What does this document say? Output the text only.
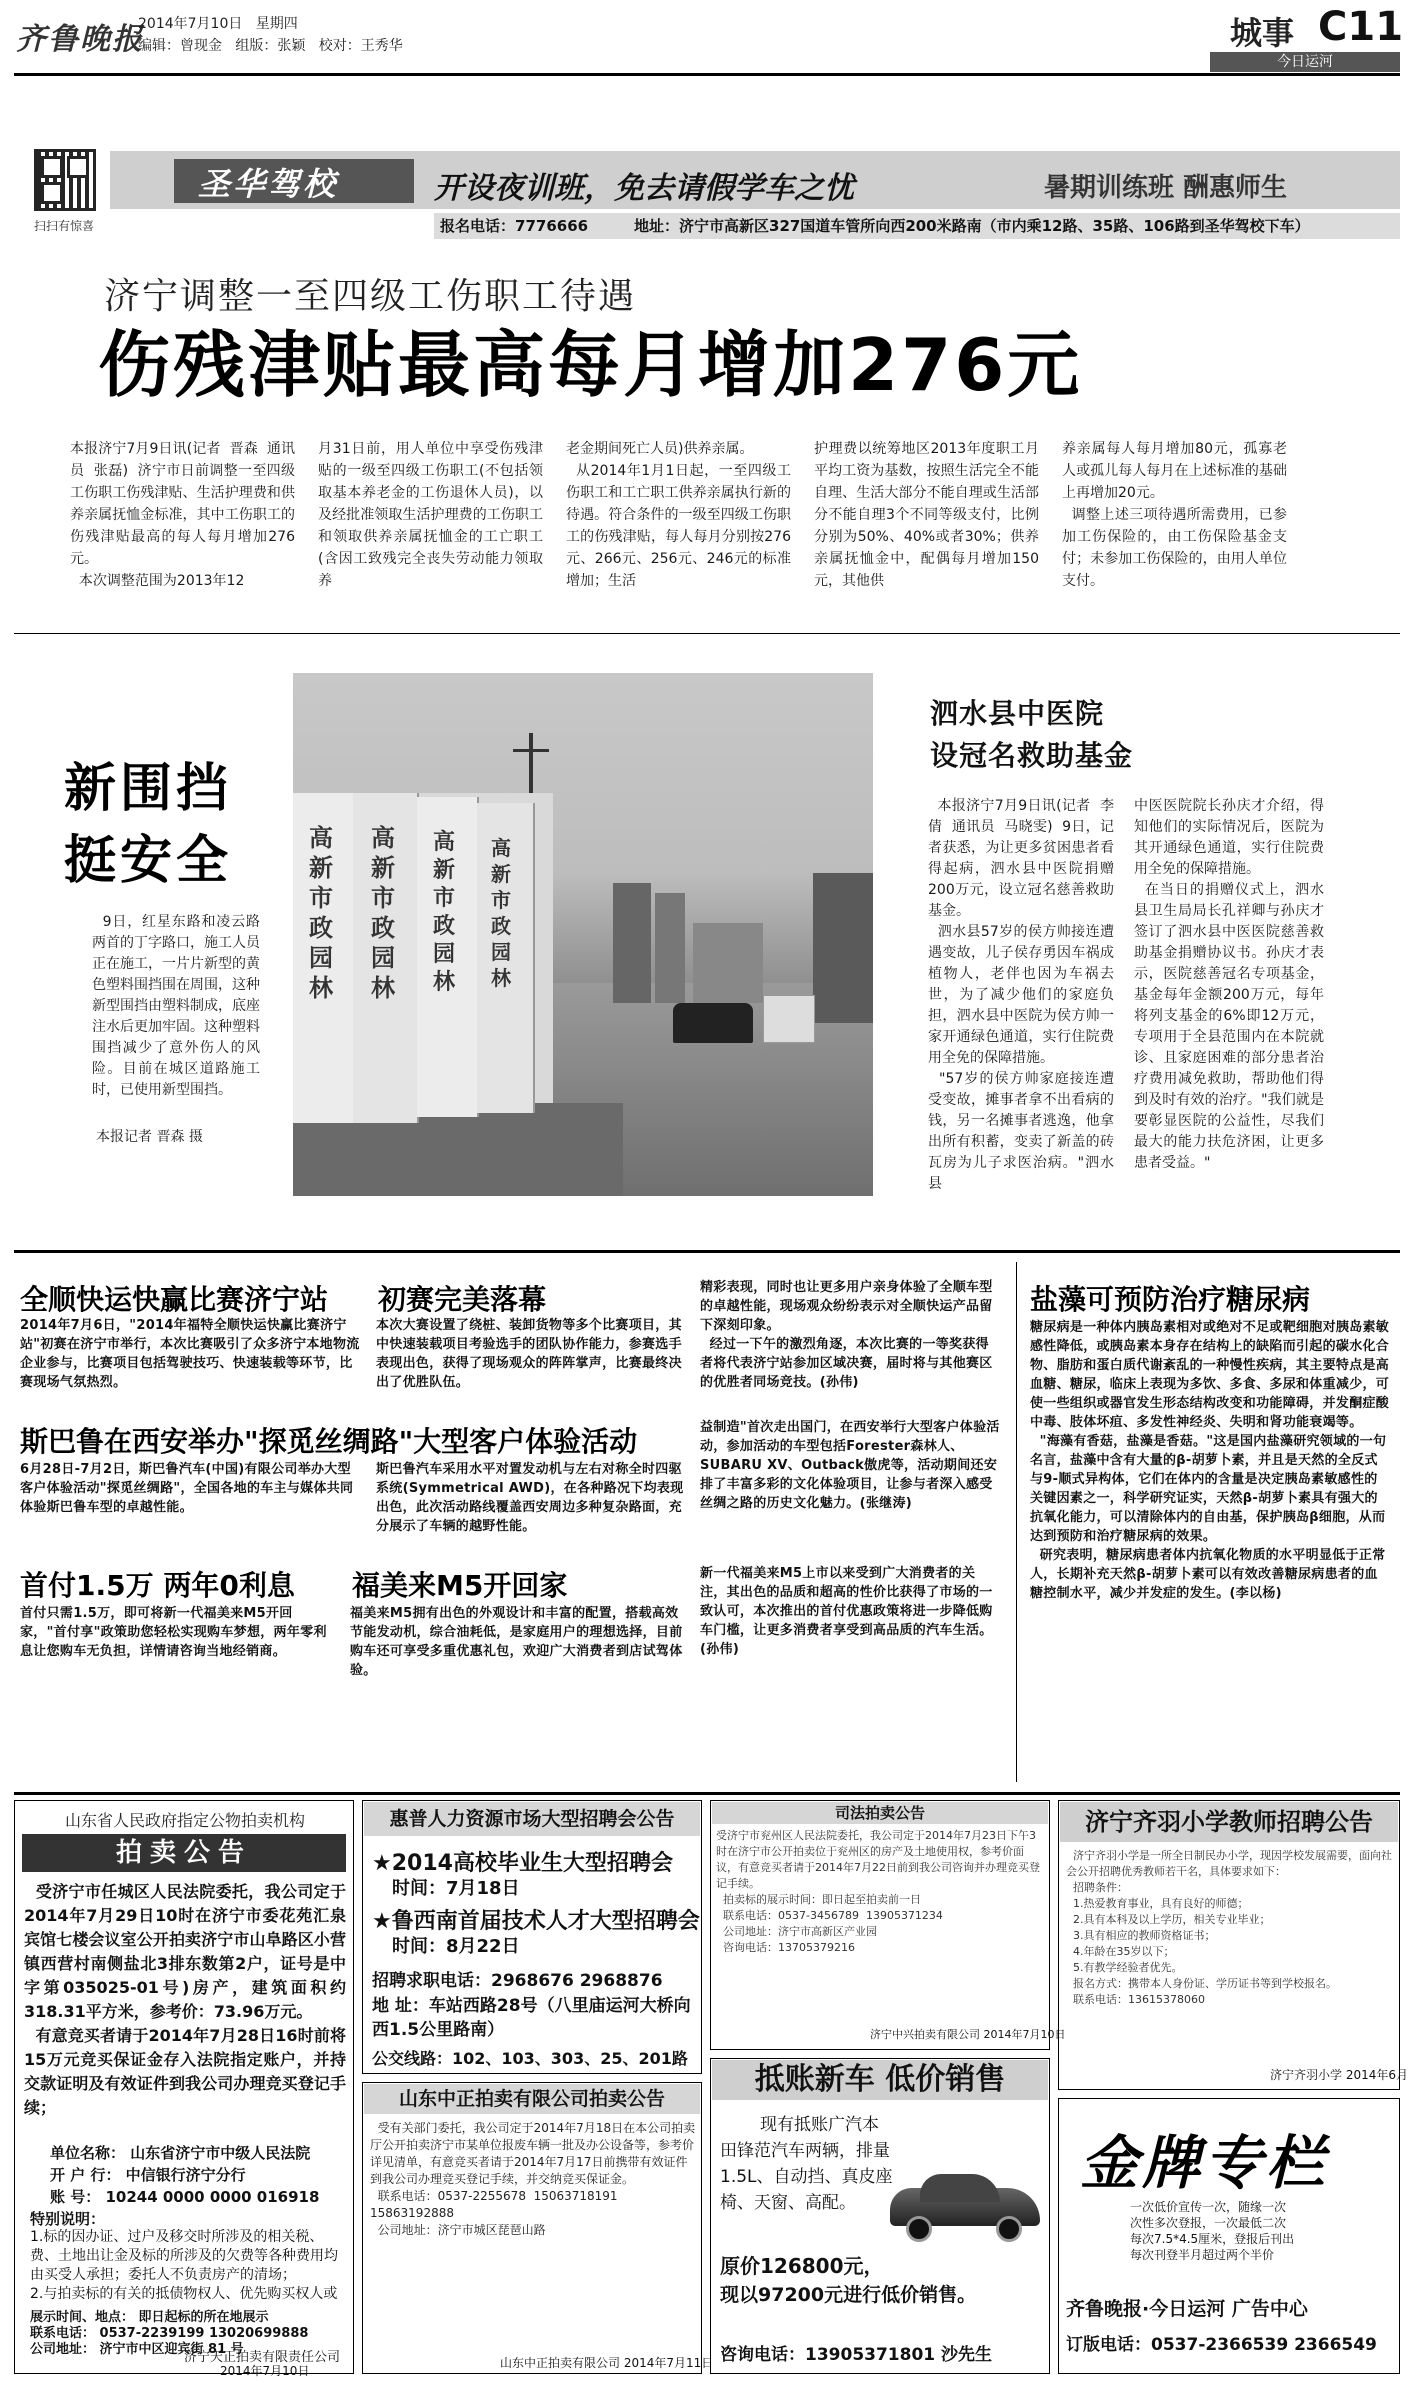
齐鲁晚报
2014年7月10日 星期四
编辑：曾现金 组版：张颖 校对：王秀华	城事 C11
今日运河
扫扫有惊喜
圣华驾校	开设夜训班，免去请假学车之忧	暑期训练班 酬惠师生
报名电话：7776666	地址：济宁市高新区327国道车管所向西200米路南（市内乘12路、35路、106路到圣华驾校下车）
济宁调整一至四级工伤职工待遇
伤残津贴最高每月增加276元
本报济宁7月9日讯(记者  晋森  通讯员  张磊)  济宁市日前调整一至四级工伤职工伤残津贴、生活护理费和供养亲属抚恤金标准，其中工伤职工的伤残津贴最高的每人每月增加276元。
本次调整范围为2013年12
月31日前，用人单位中享受伤残津贴的一级至四级工伤职工(不包括领取基本养老金的工伤退休人员)，以及经批准领取生活护理费的工伤职工和领取供养亲属抚恤金的工亡职工(含因工致残完全丧失劳动能力领取养
老金期间死亡人员)供养亲属。
从2014年1月1日起，一至四级工伤职工和工亡职工供养亲属执行新的待遇。符合条件的一级至四级工伤职工的伤残津贴，每人每月分别按276元、266元、256元、246元的标准增加；生活
护理费以统筹地区2013年度职工月平均工资为基数，按照生活完全不能自理、生活大部分不能自理或生活部分不能自理3个不同等级支付，比例分别为50%、40%或者30%；供养亲属抚恤金中，配偶每月增加150元，其他供
养亲属每人每月增加80元，孤寡老人或孤儿每人每月在上述标准的基础上再增加20元。
调整上述三项待遇所需费用，已参加工伤保险的，由工伤保险基金支付；未参加工伤保险的，由用人单位支付。
新围挡
挺安全
9日，红星东路和凌云路两首的丁字路口，施工人员正在施工，一片片新型的黄色塑料围挡围在周围，这种新型围挡由塑料制成，底座注水后更加牢固。这种塑料围挡减少了意外伤人的风险。目前在城区道路施工时，已使用新型围挡。
本报记者 晋森 摄
高新市政园林
高新市政园林
高新市政园林
高新市政园林
泗水县中医院
设冠名救助基金
本报济宁7月9日讯(记者  李倩  通讯员  马晓雯)  9日，记者获悉，为让更多贫困患者看得起病，泗水县中医院捐赠200万元，设立冠名慈善救助基金。
泗水县57岁的侯方帅接连遭遇变故，儿子侯存勇因车祸成植物人，老伴也因为车祸去世，为了减少他们的家庭负担，泗水县中医院为侯方帅一家开通绿色通道，实行住院费用全免的保障措施。
"57岁的侯方帅家庭接连遭受变故，摊事者拿不出看病的钱，另一名摊事者逃逸，他拿出所有积蓄，变卖了新盖的砖瓦房为儿子求医治病。"泗水县
中医医院院长孙庆才介绍，得知他们的实际情况后，医院为其开通绿色通道，实行住院费用全免的保障措施。
在当日的捐赠仪式上，泗水县卫生局局长孔祥卿与孙庆才签订了泗水县中医医院慈善救助基金捐赠协议书。孙庆才表示，医院慈善冠名专项基金，基金每年金额200万元，每年将列支基金的6%即12万元，专项用于全县范围内在本院就诊、且家庭困难的部分患者治疗费用减免救助，帮助他们得到及时有效的治疗。"我们就是要彰显医院的公益性，尽我们最大的能力扶危济困，让更多患者受益。"
全顺快运快赢比赛济宁站 初赛完美落幕
2014年7月6日，"2014年福特全顺快运快赢比赛济宁站"初赛在济宁市举行，本次比赛吸引了众多济宁本地物流企业参与，比赛项目包括驾驶技巧、快速装载等环节，比赛现场气氛热烈。
本次大赛设置了绕桩、装卸货物等多个比赛项目，其中快速装载项目考验选手的团队协作能力，参赛选手表现出色，获得了现场观众的阵阵掌声，比赛最终决出了优胜队伍。
精彩表现，同时也让更多用户亲身体验了全顺车型的卓越性能，现场观众纷纷表示对全顺快运产品留下深刻印象。
经过一下午的激烈角逐，本次比赛的一等奖获得者将代表济宁站参加区域决赛，届时将与其他赛区的优胜者同场竞技。(孙伟)
斯巴鲁在西安举办"探觅丝绸路"大型客户体验活动
6月28日-7月2日，斯巴鲁汽车(中国)有限公司举办大型客户体验活动"探觅丝绸路"，全国各地的车主与媒体共同体验斯巴鲁车型的卓越性能。
斯巴鲁汽车采用水平对置发动机与左右对称全时四驱系统(Symmetrical AWD)，在各种路况下均表现出色，此次活动路线覆盖西安周边多种复杂路面，充分展示了车辆的越野性能。
益制造"首次走出国门，在西安举行大型客户体验活动，参加活动的车型包括Forester森林人、SUBARU XV、Outback傲虎等，活动期间还安排了丰富多彩的文化体验项目，让参与者深入感受丝绸之路的历史文化魅力。(张继涛)
首付1.5万 两年0利息 福美来M5开回家
首付只需1.5万，即可将新一代福美来M5开回家，"首付享"政策助您轻松实现购车梦想，两年零利息让您购车无负担，详情请咨询当地经销商。
福美来M5拥有出色的外观设计和丰富的配置，搭载高效节能发动机，综合油耗低，是家庭用户的理想选择，目前购车还可享受多重优惠礼包，欢迎广大消费者到店试驾体验。
新一代福美来M5上市以来受到广大消费者的关注，其出色的品质和超高的性价比获得了市场的一致认可，本次推出的首付优惠政策将进一步降低购车门槛，让更多消费者享受到高品质的汽车生活。(孙伟)
盐藻可预防治疗糖尿病
糖尿病是一种体内胰岛素相对或绝对不足或靶细胞对胰岛素敏感性降低，或胰岛素本身存在结构上的缺陷而引起的碳水化合物、脂肪和蛋白质代谢紊乱的一种慢性疾病，其主要特点是高血糖、糖尿，临床上表现为多饮、多食、多尿和体重减少，可使一些组织或器官发生形态结构改变和功能障碍，并发酮症酸中毒、肢体坏疽、多发性神经炎、失明和肾功能衰竭等。
"海藻有香菇，盐藻是香菇。"这是国内盐藻研究领域的一句名言，盐藻中含有大量的β-胡萝卜素，并且是天然的全反式与9-顺式异构体，它们在体内的含量是决定胰岛素敏感性的关键因素之一，科学研究证实，天然β-胡萝卜素具有强大的抗氧化能力，可以清除体内的自由基，保护胰岛β细胞，从而达到预防和治疗糖尿病的效果。
研究表明，糖尿病患者体内抗氧化物质的水平明显低于正常人，长期补充天然β-胡萝卜素可以有效改善糖尿病患者的血糖控制水平，减少并发症的发生。(李以杨)
山东省人民政府指定公物拍卖机构
拍卖公告
受济宁市任城区人民法院委托，我公司定于2014年7月29日10时在济宁市委花苑汇泉宾馆七楼会议室公开拍卖济宁市山阜路区小营镇西营村南侧盐北3排东数第2户，证号是中字第035025-01号)房产，建筑面积约318.31平方米，参考价：73.96万元。
有意竞买者请于2014年7月28日16时前将15万元竞买保证金存入法院指定账户，并持交款证明及有效证件到我公司办理竞买登记手续；
单位名称： 山东省济宁市中级人民法院
开 户 行： 中信银行济宁分行
账 号： 10244 0000 0000 016918
特别说明：
1.标的因办证、过户及移交时所涉及的相关税、费、土地出让金及标的所涉及的欠费等各种费用均由买受人承担；委托人不负责房产的清场；
2.与拍卖标的有关的抵债物权人、优先购买权人或
展示时间、地点： 即日起标的所在地展示
联系电话： 0537-2239199 13020699888
公司地址： 济宁市中区迎宾街 81 号
济宁天正拍卖有限责任公司
2014年7月10日
惠普人力资源市场大型招聘会公告
★2014高校毕业生大型招聘会
时间：7月18日
★鲁西南首届技术人才大型招聘会
时间：8月22日
招聘求职电话：2968676 2968876
地 址：车站西路28号（八里庙运河大桥向西1.5公里路南）
公交线路：102、103、303、25、201路
山东中正拍卖有限公司拍卖公告
受有关部门委托，我公司定于2014年7月18日在本公司拍卖厅公开拍卖济宁市某单位报废车辆一批及办公设备等，参考价详见清单，有意竞买者请于2014年7月17日前携带有效证件到我公司办理竞买登记手续，并交纳竞买保证金。
联系电话：0537-2255678  15063718191  15863192888
公司地址：济宁市城区琵琶山路
山东中正拍卖有限公司 2014年7月11日
司法拍卖公告
受济宁市兖州区人民法院委托，我公司定于2014年7月23日下午3时在济宁市公开拍卖位于兖州区的房产及土地使用权，参考价面议，有意竞买者请于2014年7月22日前到我公司咨询并办理竞买登记手续。
拍卖标的展示时间：即日起至拍卖前一日
联系电话：0537-3456789  13905371234
公司地址：济宁市高新区产业园
咨询电话：13705379216
济宁中兴拍卖有限公司 2014年7月10日
抵账新车 低价销售
现有抵账广汽本
田锋范汽车两辆，排量
1.5L、自动挡、真皮座
椅、天窗、高配。
原价126800元，
现以97200元进行低价销售。
咨询电话：13905371801 沙先生
济宁齐羽小学教师招聘公告
济宁齐羽小学是一所全日制民办小学，现因学校发展需要，面向社会公开招聘优秀教师若干名，具体要求如下：
招聘条件：
1.热爱教育事业，具有良好的师德；
2.具有本科及以上学历，相关专业毕业；
3.具有相应的教师资格证书；
4.年龄在35岁以下；
5.有教学经验者优先。
报名方式：携带本人身份证、学历证书等到学校报名。
联系电话：13615378060
济宁齐羽小学 2014年6月
金牌专栏
一次低价宣传一次，随缘一次
次性多次登报，一次最低二次
每次7.5*4.5厘米，登报后刊出
每次刊登半月超过两个半价
齐鲁晚报·今日运河 广告中心
订版电话：0537-2366539 2366549
